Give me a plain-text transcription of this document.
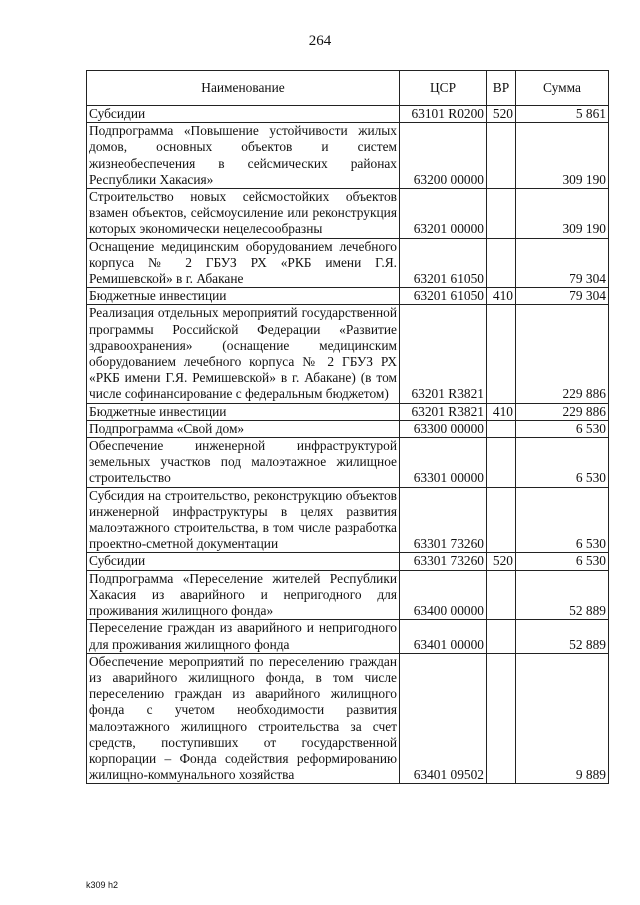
264
Наименование	ЦСР	ВР	Сумма
Субсидии	63101 R0200	520	5 861
Подпрограмма «Повышение устойчивости жилых домов, основных объектов и систем жизнеобеспечения в сейсмических районах Республики Хакасия»	63200 00000		309 190
Строительство новых сейсмостойких объектов взамен объектов, сейсмоусиление или реконструкция которых экономически нецелесообразны	63201 00000		309 190
Оснащение медицинским оборудованием лечебного корпуса № 2 ГБУЗ РХ «РКБ имени Г.Я. Ремишевской» в г. Абакане	63201 61050		79 304
Бюджетные инвестиции	63201 61050	410	79 304
Реализация отдельных мероприятий государственной программы Российской Федерации «Развитие здравоохранения» (оснащение медицинским оборудованием лечебного корпуса № 2 ГБУЗ РХ «РКБ имени Г.Я. Ремишевской» в г. Абакане) (в том числе софинансирование с федеральным бюджетом)	63201 R3821		229 886
Бюджетные инвестиции	63201 R3821	410	229 886
Подпрограмма «Свой дом»	63300 00000		6 530
Обеспечение инженерной инфраструктурой земельных участков под малоэтажное жилищное строительство	63301 00000		6 530
Субсидия на строительство, реконструкцию объектов инженерной инфраструктуры в целях развития малоэтажного строительства, в том числе разработка проектно-сметной документации	63301 73260		6 530
Субсидии	63301 73260	520	6 530
Подпрограмма «Переселение жителей Республики Хакасия из аварийного и непригодного для проживания жилищного фонда»	63400 00000		52 889
Переселение граждан из аварийного и непригодного для проживания жилищного фонда	63401 00000		52 889
Обеспечение мероприятий по переселению граждан из аварийного жилищного фонда, в том числе переселению граждан из аварийного жилищного фонда с учетом необходимости развития малоэтажного жилищного строительства за счет средств, поступивших от государственной корпорации – Фонда содействия реформированию жилищно-коммунального хозяйства	63401 09502		9 889
k309 h2
